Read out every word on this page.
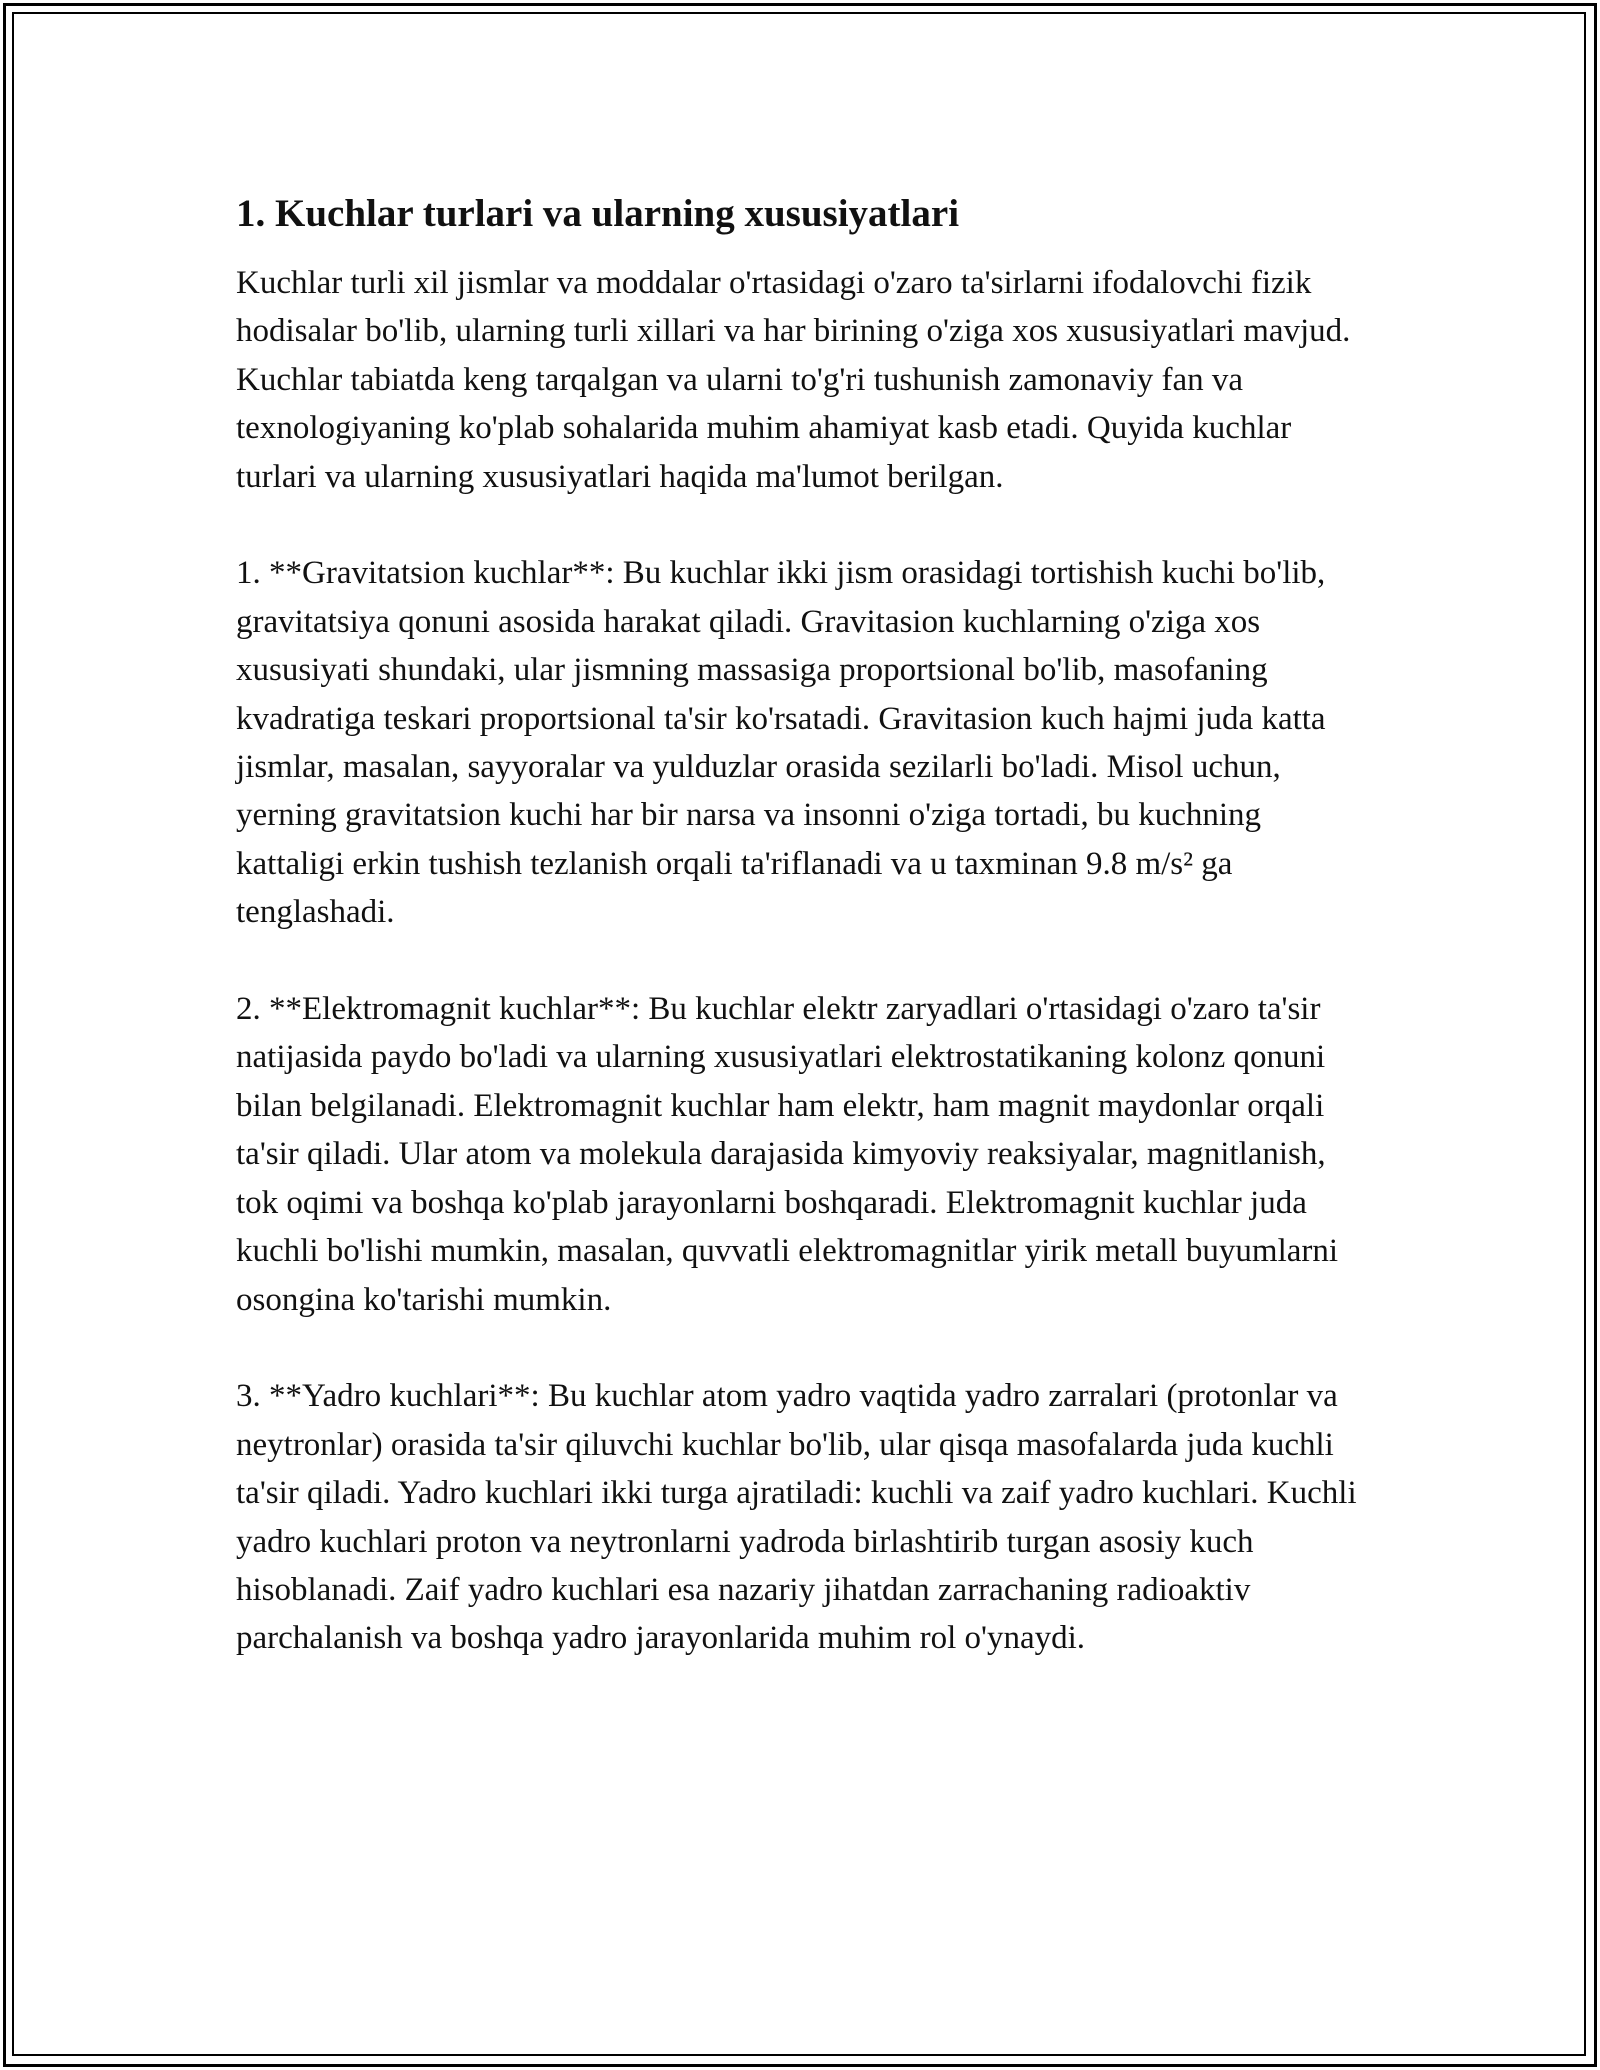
1. Kuchlar turlari va ularning xususiyatlari

Kuchlar turli xil jismlar va moddalar o'rtasidagi o'zaro ta'sirlarni ifodalovchi fizik hodisalar bo'lib, ularning turli xillari va har birining o'ziga xos xususiyatlari mavjud. Kuchlar tabiatda keng tarqalgan va ularni to'g'ri tushunish zamonaviy fan va texnologiyaning ko'plab sohalarida muhim ahamiyat kasb etadi. Quyida kuchlar turlari va ularning xususiyatlari haqida ma'lumot berilgan.

1. **Gravitatsion kuchlar**: Bu kuchlar ikki jism orasidagi tortishish kuchi bo'lib, gravitatsiya qonuni asosida harakat qiladi. Gravitasion kuchlarning o'ziga xos xususiyati shundaki, ular jismning massasiga proportsional bo'lib, masofaning kvadratiga teskari proportsional ta'sir ko'rsatadi. Gravitasion kuch hajmi juda katta jismlar, masalan, sayyoralar va yulduzlar orasida sezilarli bo'ladi. Misol uchun, yerning gravitatsion kuchi har bir narsa va insonni o'ziga tortadi, bu kuchning kattaligi erkin tushish tezlanish orqali ta'riflanadi va u taxminan 9.8 m/s² ga tenglashadi.

2. **Elektromagnit kuchlar**: Bu kuchlar elektr zaryadlari o'rtasidagi o'zaro ta'sir natijasida paydo bo'ladi va ularning xususiyatlari elektrostatikaning kolonz qonuni bilan belgilanadi. Elektromagnit kuchlar ham elektr, ham magnit maydonlar orqali ta'sir qiladi. Ular atom va molekula darajasida kimyoviy reaksiyalar, magnitlanish, tok oqimi va boshqa ko'plab jarayonlarni boshqaradi. Elektromagnit kuchlar juda kuchli bo'lishi mumkin, masalan, quvvatli elektromagnitlar yirik metall buyumlarni osongina ko'tarishi mumkin.

3. **Yadro kuchlari**: Bu kuchlar atom yadro vaqtida yadro zarralari (protonlar va neytronlar) orasida ta'sir qiluvchi kuchlar bo'lib, ular qisqa masofalarda juda kuchli ta'sir qiladi. Yadro kuchlari ikki turga ajratiladi: kuchli va zaif yadro kuchlari. Kuchli yadro kuchlari proton va neytronlarni yadroda birlashtirib turgan asosiy kuch hisoblanadi. Zaif yadro kuchlari esa nazariy jihatdan zarrachaning radioaktiv parchalanish va boshqa yadro jarayonlarida muhim rol o'ynaydi.
